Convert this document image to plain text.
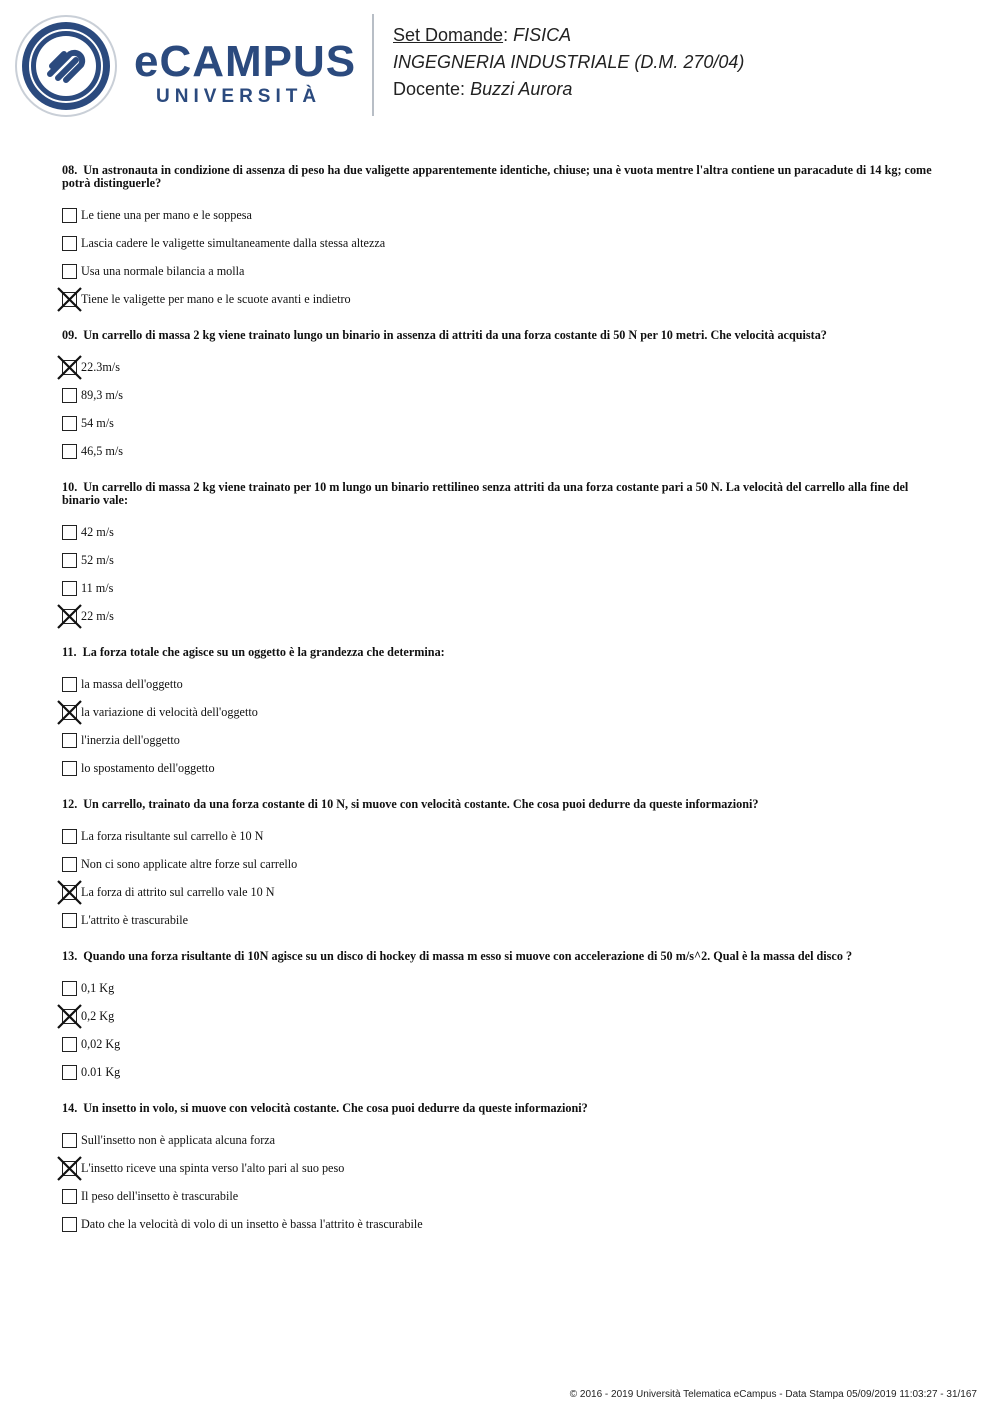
eCAMPUS
UNIVERSITÀ
Set Domande: FISICA
INGEGNERIA INDUSTRIALE (D.M. 270/04)
Docente: Buzzi Aurora
08. Un astronauta in condizione di assenza di peso ha due valigette apparentemente identiche, chiuse; una è vuota mentre l'altra contiene un paracadute di 14 kg; come potrà distinguerle?
Le tiene una per mano e le soppesa
Lascia cadere le valigette simultaneamente dalla stessa altezza
Usa una normale bilancia a molla
Tiene le valigette per mano e le scuote avanti e indietro
09. Un carrello di massa 2 kg viene trainato lungo un binario in assenza di attriti da una forza costante di 50 N per 10 metri. Che velocità acquista?
22.3m/s
89,3 m/s
54 m/s
46,5 m/s
10. Un carrello di massa 2 kg viene trainato per 10 m lungo un binario rettilineo senza attriti da una forza costante pari a 50 N. La velocità del carrello alla fine del binario vale:
42 m/s
52 m/s
11 m/s
22 m/s
11. La forza totale che agisce su un oggetto è la grandezza che determina:
la massa dell'oggetto
la variazione di velocità dell'oggetto
l'inerzia dell'oggetto
lo spostamento dell'oggetto
12. Un carrello, trainato da una forza costante di 10 N, si muove con velocità costante. Che cosa puoi dedurre da queste informazioni?
La forza risultante sul carrello è 10 N
Non ci sono applicate altre forze sul carrello
La forza di attrito sul carrello vale 10 N
L'attrito è trascurabile
13. Quando una forza risultante di 10N agisce su un disco di hockey di massa m esso si muove con accelerazione di 50 m/s^2. Qual è la massa del disco ?
0,1 Kg
0,2 Kg
0,02 Kg
0.01 Kg
14. Un insetto in volo, si muove con velocità costante. Che cosa puoi dedurre da queste informazioni?
Sull'insetto non è applicata alcuna forza
L'insetto riceve una spinta verso l'alto pari al suo peso
Il peso dell'insetto è trascurabile
Dato che la velocità di volo di un insetto è bassa l'attrito è trascurabile
© 2016 - 2019 Università Telematica eCampus - Data Stampa 05/09/2019 11:03:27 - 31/167
